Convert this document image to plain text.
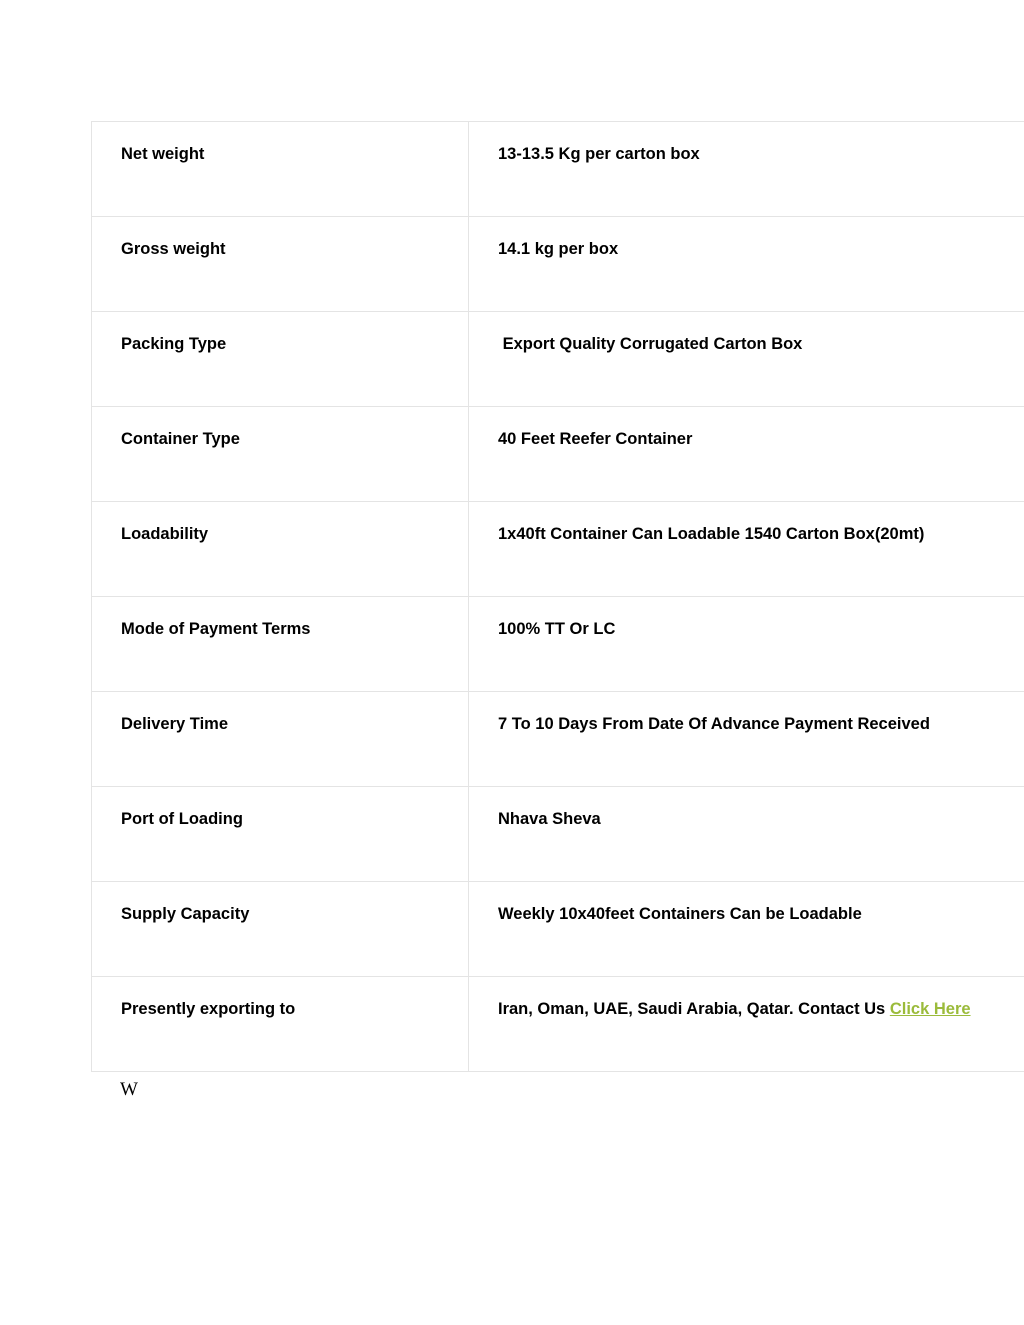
Net weight	13-13.5 Kg per carton box

Gross weight	14.1 kg per box

Packing Type	Export Quality Corrugated Carton Box

Container Type	40 Feet Reefer Container

Loadability	1x40ft Container Can Loadable 1540 Carton Box(20mt)

Mode of Payment Terms	100% TT Or LC

Delivery Time	7 To 10 Days From Date Of Advance Payment Received

Port of Loading	Nhava Sheva

Supply Capacity	Weekly 10x40feet Containers Can be Loadable

Presently exporting to	Iran, Oman, UAE, Saudi Arabia, Qatar. Contact Us Click Here
W
